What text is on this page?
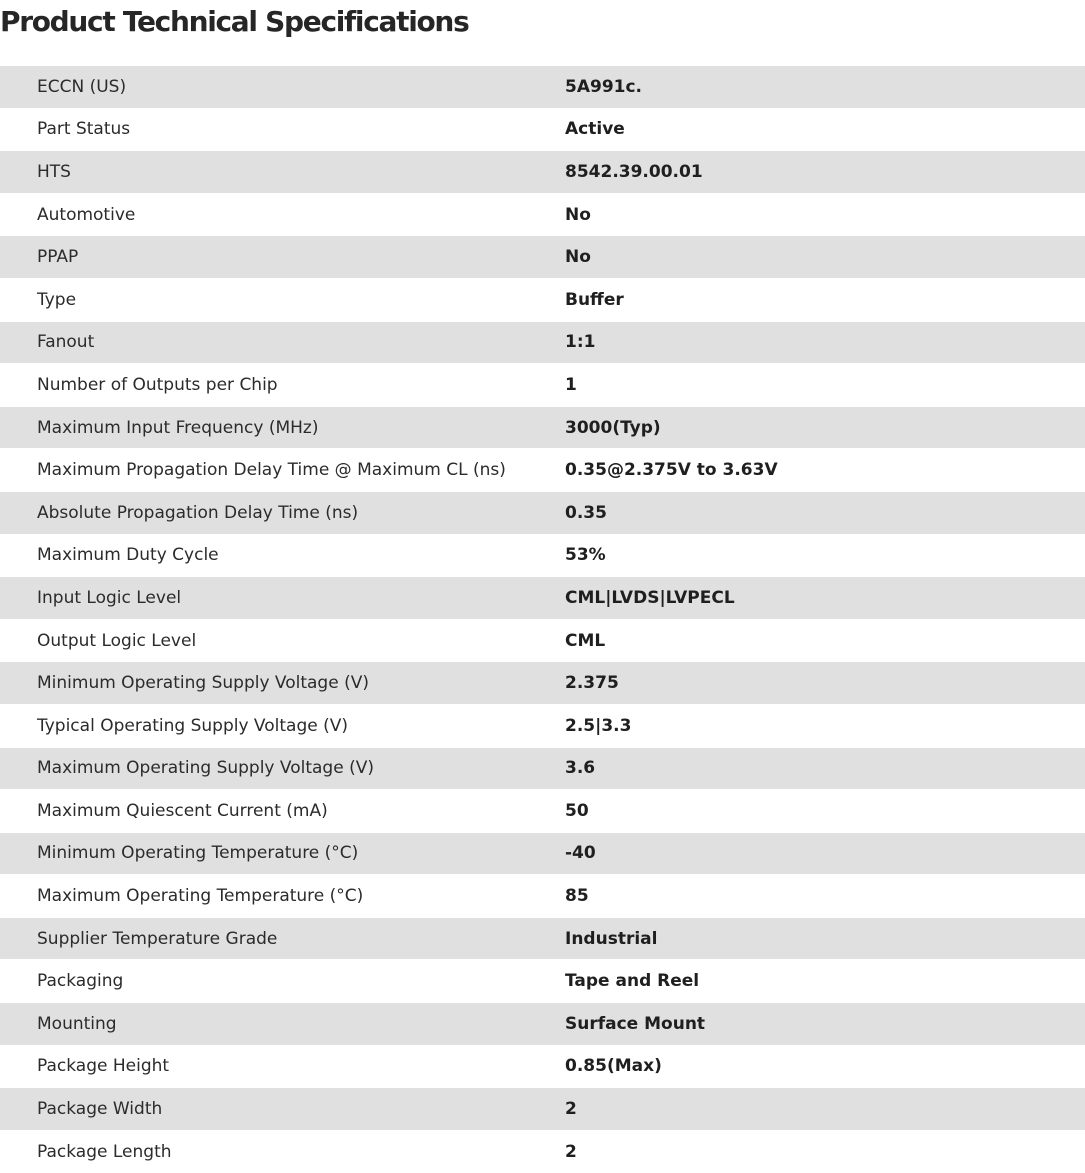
Product Technical Specifications
ECCN (US)	5A991c.
Part Status	Active
HTS	8542.39.00.01
Automotive	No
PPAP	No
Type	Buffer
Fanout	1:1
Number of Outputs per Chip	1
Maximum Input Frequency (MHz)	3000(Typ)
Maximum Propagation Delay Time @ Maximum CL (ns)	0.35@2.375V to 3.63V
Absolute Propagation Delay Time (ns)	0.35
Maximum Duty Cycle	53%
Input Logic Level	CML|LVDS|LVPECL
Output Logic Level	CML
Minimum Operating Supply Voltage (V)	2.375
Typical Operating Supply Voltage (V)	2.5|3.3
Maximum Operating Supply Voltage (V)	3.6
Maximum Quiescent Current (mA)	50
Minimum Operating Temperature (°C)	-40
Maximum Operating Temperature (°C)	85
Supplier Temperature Grade	Industrial
Packaging	Tape and Reel
Mounting	Surface Mount
Package Height	0.85(Max)
Package Width	2
Package Length	2
